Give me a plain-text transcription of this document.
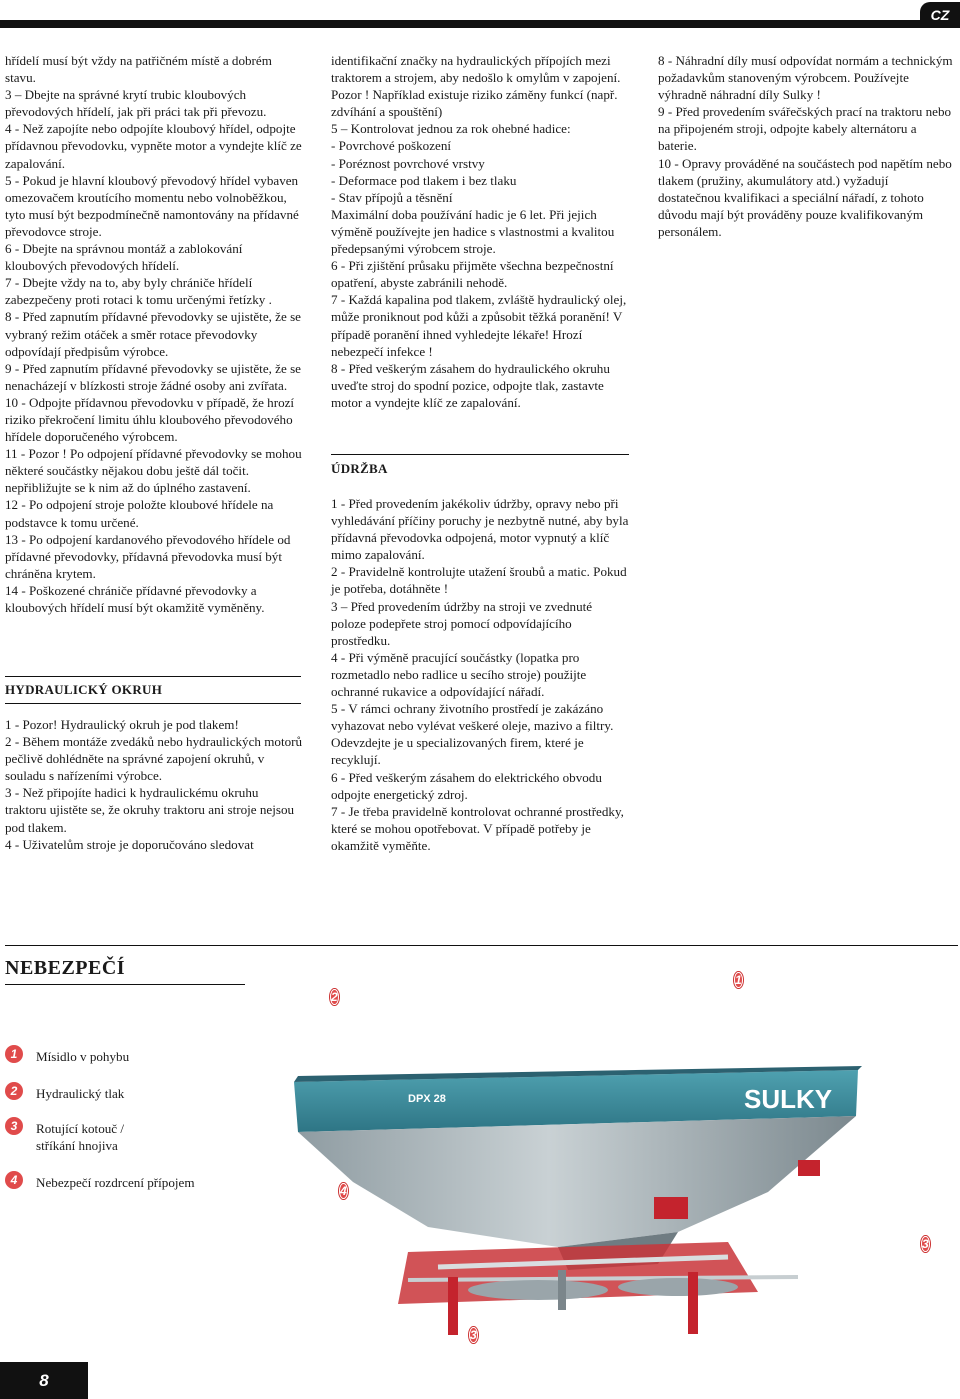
CZ

hřídelí musí být vždy na patřičném místě a dobrém stavu.

3 – Dbejte na správné krytí trubic kloubových převodových hřídelí, jak při práci tak při převozu.

4 - Než zapojíte nebo odpojíte kloubový hřídel, odpojte přídavnou převodovku, vypněte motor a vyndejte klíč ze zapalování.

5 - Pokud je hlavní kloubový převodový hřídel vybaven omezovačem kroutícího momentu nebo volnoběžkou, tyto musí být bezpodmínečně namontovány na přídavné převodovce stroje.

6 - Dbejte na správnou montáž a zablokování kloubových převodových hřídelí.

7 - Dbejte vždy na to, aby byly chrániče hřídelí zabezpečeny proti rotaci k tomu určenými řetízky .

8 - Před zapnutím přídavné převodovky se ujistěte, že se vybraný režim otáček a směr rotace převodovky odpovídají předpisům výrobce.

9 - Před zapnutím přídavné převodovky se ujistěte, že se nenacházejí v blízkosti stroje žádné osoby ani zvířata.

10 - Odpojte přídavnou převodovku v případě, že hrozí riziko překročení limitu úhlu kloubového převodového hřídele doporučeného výrobcem.

11 - Pozor ! Po odpojení přídavné převodovky se mohou některé součástky nějakou dobu ještě dál točit. nepřibližujte se k nim až do úplného zastavení.

12 - Po odpojení stroje položte kloubové hřídele na podstavce k tomu určené.

13 - Po odpojení kardanového převodového hřídele od přídavné převodovky, přídavná převodovka musí být chráněna krytem.

14 - Poškozené chrániče přídavné převodovky a kloubových hřídelí musí být okamžitě vyměněny.

HYDRAULICKÝ OKRUH

1 - Pozor! Hydraulický okruh je pod tlakem!

2 - Během montáže zvedáků nebo hydraulických motorů pečlivě dohlédněte na správné zapojení okruhů, v souladu s nařízeními výrobce.

3 - Než připojíte hadici k hydraulickému okruhu traktoru ujistěte se, že okruhy traktoru ani stroje nejsou pod tlakem.

4 - Uživatelům stroje je doporučováno sledovat

identifikační značky na hydraulických přípojích mezi traktorem a strojem, aby nedošlo k omylům v zapojení.

Pozor ! Například existuje riziko záměny funkcí (např. zdvíhání a spouštění)

5 – Kontrolovat jednou za rok ohebné hadice:

- Povrchové poškození

- Poréznost povrchové vrstvy

- Deformace pod tlakem i bez tlaku

- Stav přípojů a těsnění

Maximální doba používání hadic je 6 let. Při jejich výměně používejte jen hadice s vlastnostmi a kvalitou předepsanými výrobcem stroje.

6 - Při zjištění průsaku přijměte všechna bezpečnostní opatření, abyste zabránili nehodě.

7 - Každá kapalina pod tlakem, zvláště hydraulický olej, může proniknout pod kůži a způsobit těžká poranění! V případě poranění ihned vyhledejte lékaře! Hrozí nebezpečí infekce !

8 - Před veškerým zásahem do hydraulického okruhu uveďte stroj do spodní pozice, odpojte tlak, zastavte motor a vyndejte klíč ze zapalování.

ÚDRŽBA

1 - Před provedením jakékoliv údržby, opravy nebo při vyhledávání příčiny poruchy je nezbytně nutné, aby byla přídavná převodovka odpojená, motor vypnutý a klíč mimo zapalování.

2 - Pravidelně kontrolujte utažení šroubů a matic. Pokud je potřeba, dotáhněte !

3 – Před provedením údržby na stroji ve zvednuté poloze podepřete stroj pomocí odpovídajícího prostředku.

4 - Při výměně pracující součástky (lopatka pro rozmetadlo nebo radlice u secího stroje) použijte ochranné rukavice a odpovídající nářadí.

5 - V rámci ochrany životního prostředí je zakázáno vyhazovat nebo vylévat veškeré oleje, mazivo a filtry. Odevzdejte je u specializovaných firem, které je recyklují.

6 - Před veškerým zásahem do elektrického obvodu odpojte energetický zdroj.

7 - Je třeba pravidelně kontrolovat ochranné prostředky, které se mohou opotřebovat. V případě potřeby je okamžitě vyměňte.

8 - Náhradní díly musí odpovídat normám a technickým požadavkům stanoveným výrobcem. Používejte výhradně náhradní díly Sulky !

9 - Před provedením svářečských prací na traktoru nebo na připojeném stroji, odpojte kabely alternátoru a baterie.

10 - Opravy prováděné na součástech pod napětím nebo tlakem (pružiny, akumulátory atd.) vyžadují dostatečnou kvalifikaci a speciální nářadí, z tohoto důvodu mají být prováděny pouze kvalifikovaným personálem.

NEBEZPEČÍ
1	Mísidlo v pohybu
2	Hydraulický tlak
3	Rotující kotouč / stříkání hnojiva
4	Nebezpečí rozdrcení přípojem
SULKY
DPX 28
2
1
4
3
3
8
